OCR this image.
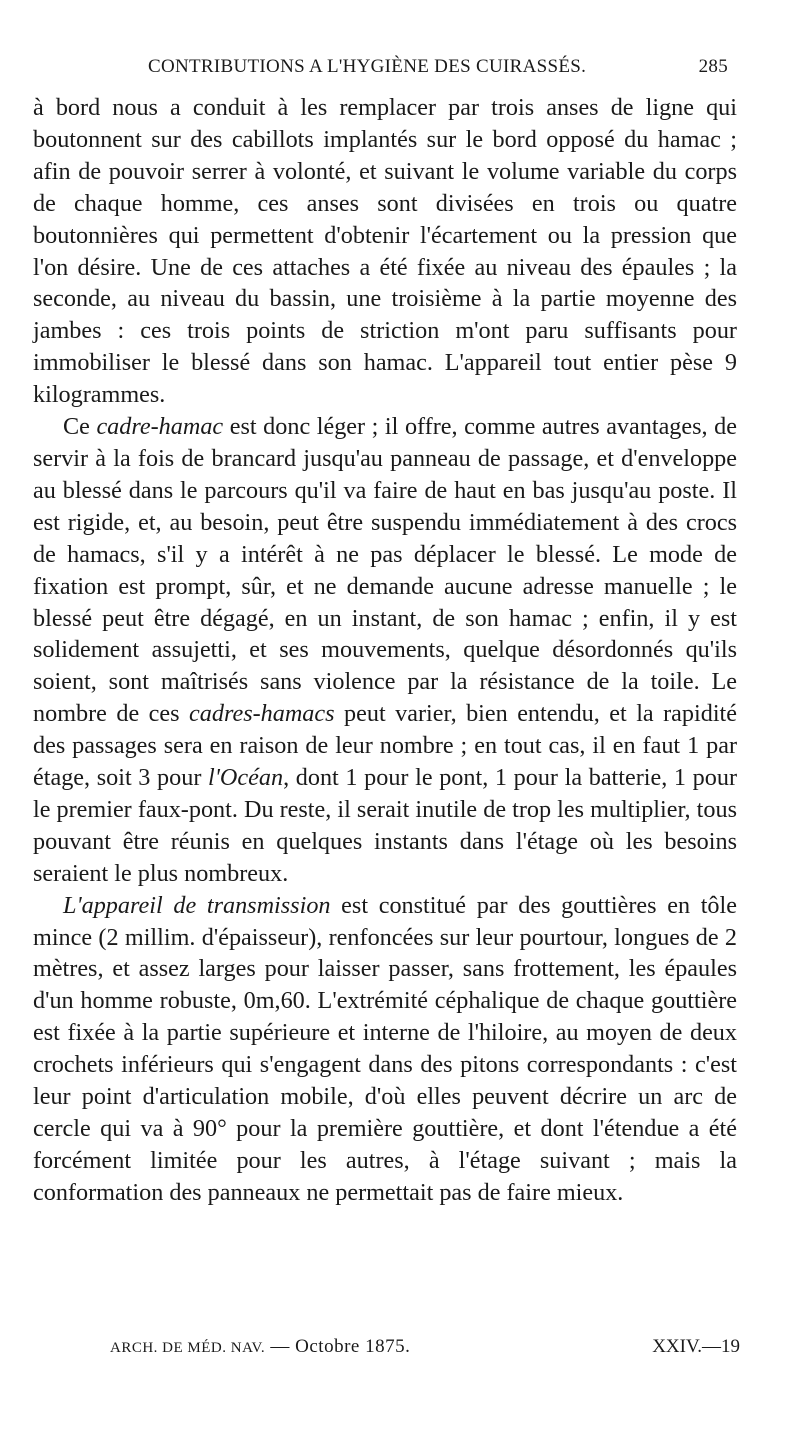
CONTRIBUTIONS A L'HYGIÈNE DES CUIRASSÉS.	285

à bord nous a conduit à les remplacer par trois anses de ligne qui boutonnent sur des cabillots implantés sur le bord opposé du hamac ; afin de pouvoir serrer à volonté, et suivant le volume variable du corps de chaque homme, ces anses sont divisées en trois ou quatre boutonnières qui permettent d'obtenir l'écartement ou la pression que l'on désire. Une de ces attaches a été fixée au niveau des épaules ; la seconde, au niveau du bassin, une troisième à la partie moyenne des jambes : ces trois points de striction m'ont paru suffisants pour immobiliser le blessé dans son hamac. L'appareil tout entier pèse 9 kilogrammes.

Ce cadre-hamac est donc léger ; il offre, comme autres avantages, de servir à la fois de brancard jusqu'au panneau de passage, et d'enveloppe au blessé dans le parcours qu'il va faire de haut en bas jusqu'au poste. Il est rigide, et, au besoin, peut être suspendu immédiatement à des crocs de hamacs, s'il y a intérêt à ne pas déplacer le blessé. Le mode de fixation est prompt, sûr, et ne demande aucune adresse manuelle ; le blessé peut être dégagé, en un instant, de son hamac ; enfin, il y est solidement assujetti, et ses mouvements, quelque désordonnés qu'ils soient, sont maîtrisés sans violence par la résistance de la toile. Le nombre de ces cadres-hamacs peut varier, bien entendu, et la rapidité des passages sera en raison de leur nombre ; en tout cas, il en faut 1 par étage, soit 3 pour l'Océan, dont 1 pour le pont, 1 pour la batterie, 1 pour le premier faux-pont. Du reste, il serait inutile de trop les multiplier, tous pouvant être réunis en quelques instants dans l'étage où les besoins seraient le plus nombreux.

L'appareil de transmission est constitué par des gouttières en tôle mince (2 millim. d'épaisseur), renfoncées sur leur pourtour, longues de 2 mètres, et assez larges pour laisser passer, sans frottement, les épaules d'un homme robuste, 0m,60. L'extrémité céphalique de chaque gouttière est fixée à la partie supérieure et interne de l'hiloire, au moyen de deux crochets inférieurs qui s'engagent dans des pitons correspondants : c'est leur point d'articulation mobile, d'où elles peuvent décrire un arc de cercle qui va à 90° pour la première gouttière, et dont l'étendue a été forcément limitée pour les autres, à l'étage suivant ; mais la conformation des panneaux ne permettait pas de faire mieux.

ARCH. DE MÉD. NAV. — Octobre 1875.	XXIV.—19
